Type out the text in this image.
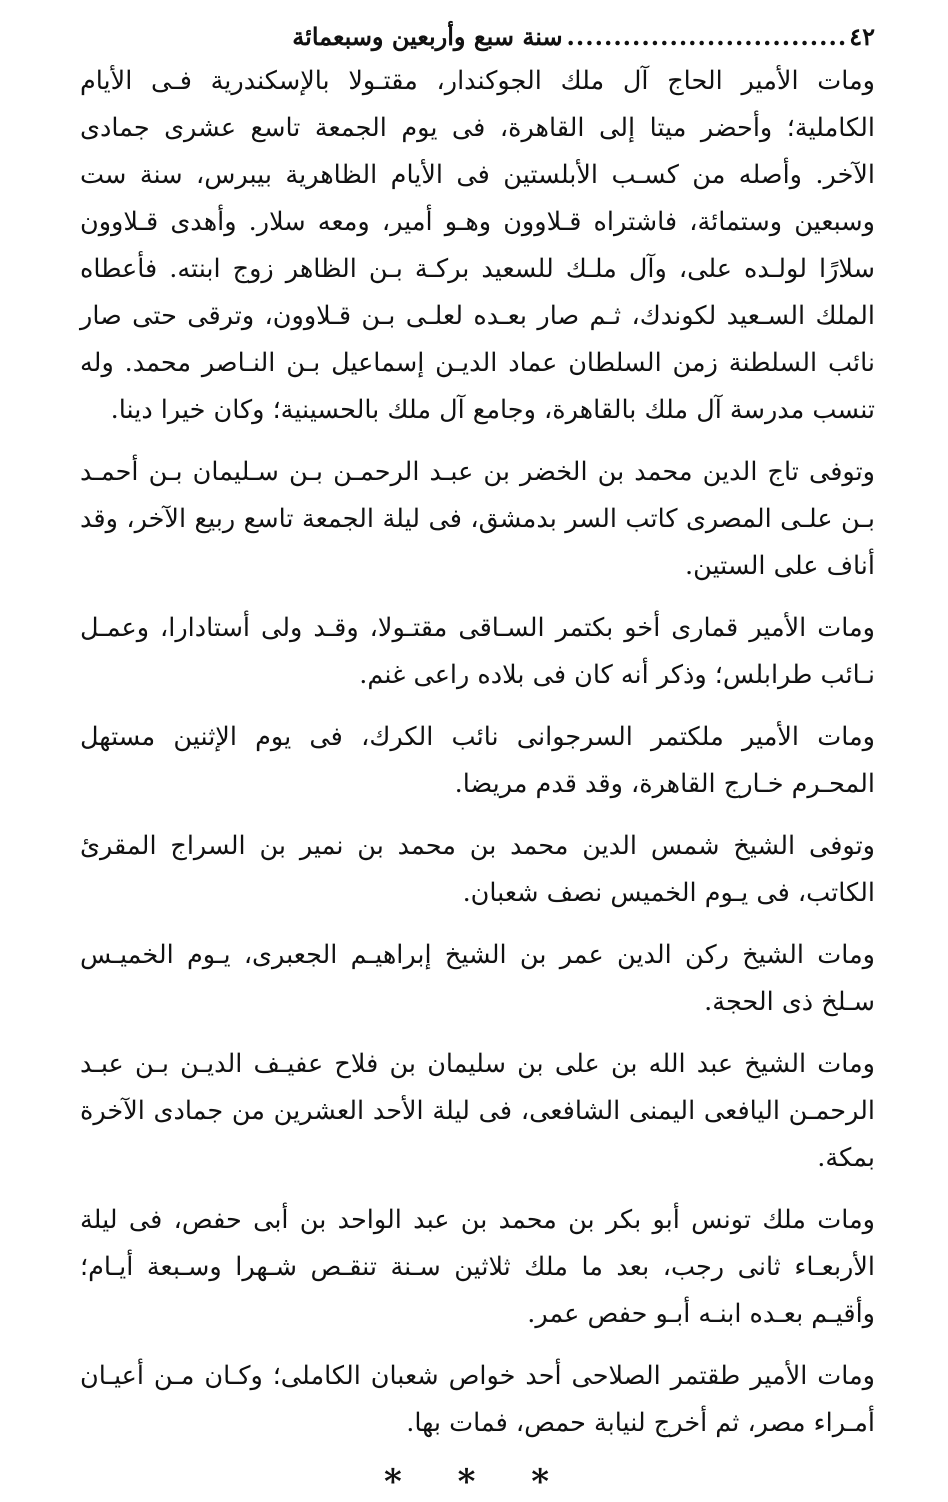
٤٢
..............................
سنة سبع وأربعين وسبعمائة

ومات الأمير الحاج آل ملك الجوكندار، مقتـولا بالإسكندرية فـى الأيام الكاملية؛ وأحضر ميتا إلى القاهرة، فى يوم الجمعة تاسع عشرى جمادى الآخر. وأصله من كسـب الأبلستين فى الأيام الظاهرية بيبرس، سنة ست وسبعين وستمائة، فاشتراه قـلاوون وهـو أمير، ومعه سلار. وأهدى قـلاوون سلارًا لولـده على، وآل ملـك للسعيد بركـة بـن الظاهر زوج ابنته. فأعطاه الملك السـعيد لكوندك، ثـم صار بعـده لعلـى بـن قـلاوون، وترقى حتى صار نائب السلطنة زمن السلطان عماد الديـن إسماعيل بـن النـاصر محمد. وله تنسب مدرسة آل ملك بالقاهرة، وجامع آل ملك بالحسينية؛ وكان خيرا دينا.

وتوفى تاج الدين محمد بن الخضر بن عبـد الرحمـن بـن سـليمان بـن أحمـد بـن علـى المصرى كاتب السر بدمشق، فى ليلة الجمعة تاسع ربيع الآخر، وقد أناف على الستين.

ومات الأمير قمارى أخو بكتمر السـاقى مقتـولا، وقـد ولى أستادارا، وعمـل نـائب طرابلس؛ وذكر أنه كان فى بلاده راعى غنم.

ومات الأمير ملكتمر السرجوانى نائب الكرك، فى يوم الإثنين مستهل المحـرم خـارج القاهرة، وقد قدم مريضا.

وتوفى الشيخ شمس الدين محمد بن محمد بن نمير بن السراج المقرئ الكاتب، فى يـوم الخميس نصف شعبان.

ومات الشيخ ركن الدين عمر بن الشيخ إبراهيـم الجعبرى، يـوم الخميـس سـلخ ذى الحجة.

ومات الشيخ عبد الله بن على بن سليمان بن فلاح عفيـف الديـن بـن عبـد الرحمـن اليافعى اليمنى الشافعى، فى ليلة الأحد العشرين من جمادى الآخرة بمكة.

ومات ملك تونس أبو بكر بن محمد بن عبد الواحد بن أبى حفص، فى ليلة الأربعـاء ثانى رجب، بعد ما ملك ثلاثين سـنة تنقـص شـهرا وسـبعة أيـام؛ وأقيـم بعـده ابنـه أبـو حفص عمر.

ومات الأمير طقتمر الصلاحى أحد خواص شعبان الكاملى؛ وكـان مـن أعيـان أمـراء مصر، ثم أخرج لنيابة حمص، فمات بها.

* * *
